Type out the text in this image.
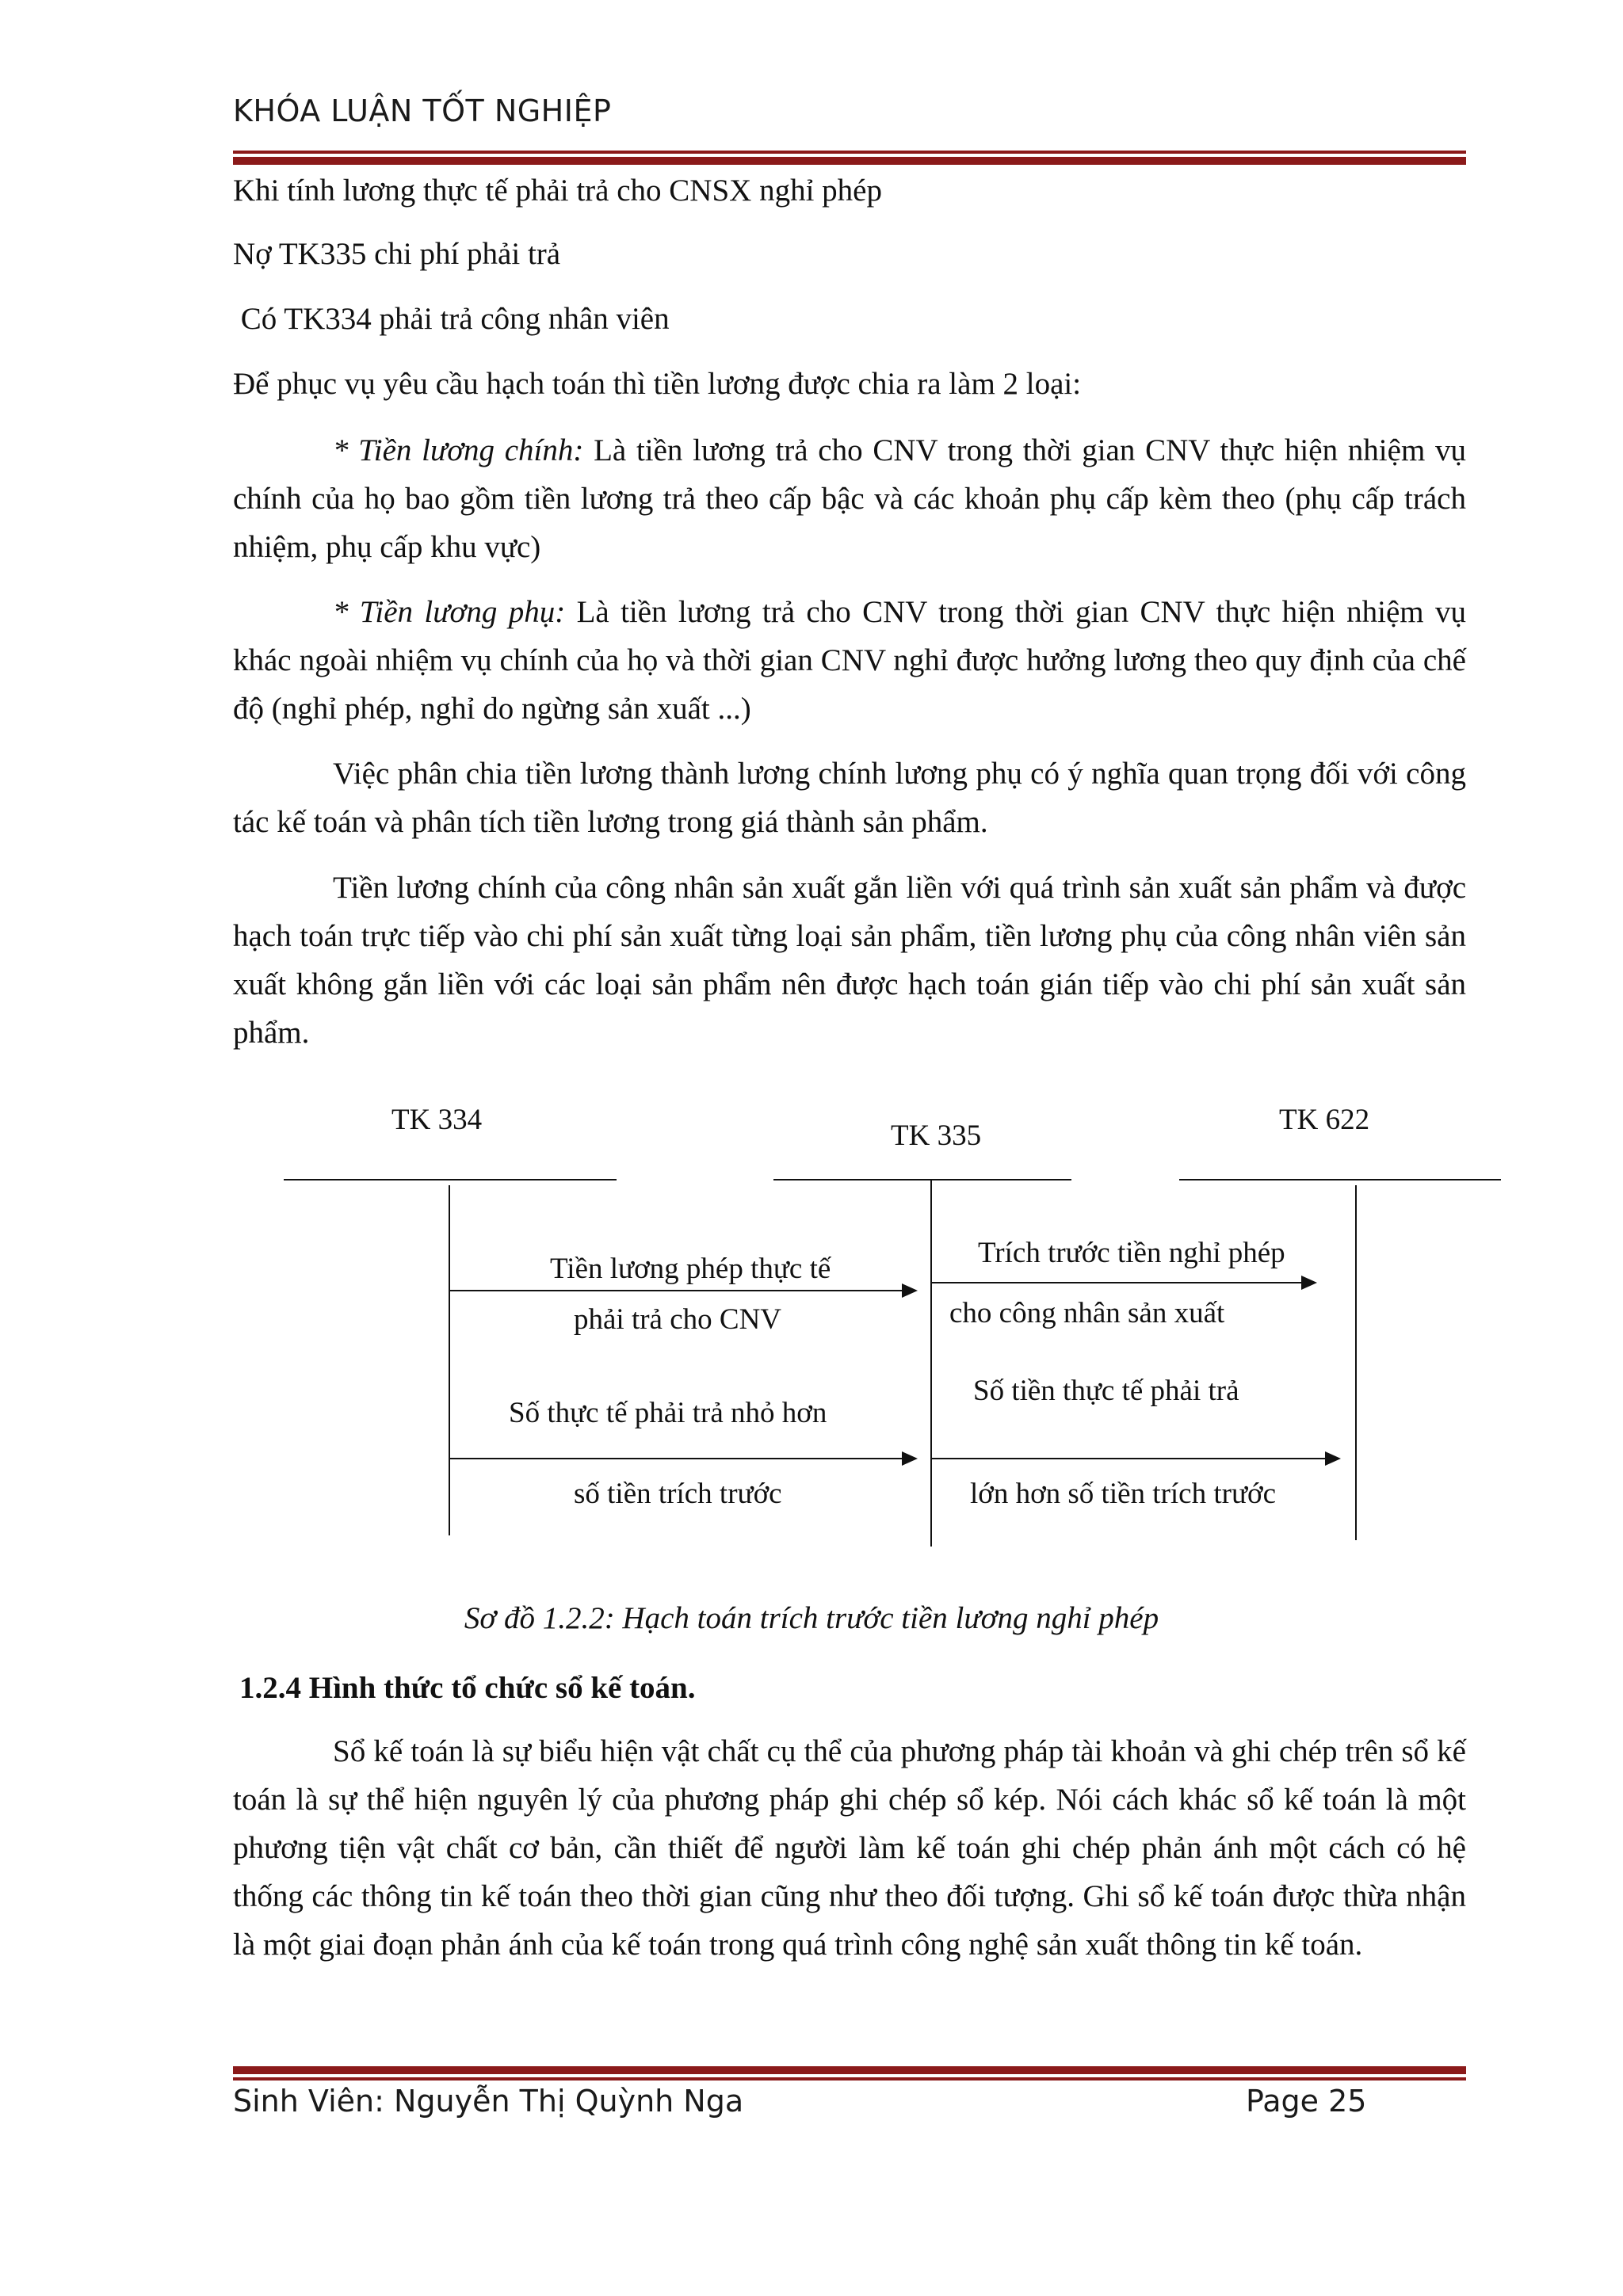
KHÓA LUẬN TỐT NGHIỆP

Khi tính lương thực tế phải trả cho CNSX nghỉ phép

Nợ TK335 chi phí phải trả

Có TK334 phải trả công nhân viên

Để phục vụ yêu cầu hạch toán thì tiền lương được chia ra làm 2 loại:

* Tiền lương chính: Là tiền lương trả cho CNV trong thời gian CNV thực hiện nhiệm vụ chính của họ bao gồm tiền lương trả theo cấp bậc và các khoản phụ cấp kèm theo (phụ cấp trách nhiệm, phụ cấp khu vực)

* Tiền lương phụ: Là tiền lương trả cho CNV trong thời gian CNV thực hiện nhiệm vụ khác ngoài nhiệm vụ chính của họ và thời gian CNV nghỉ được hưởng lương theo quy định của chế độ (nghỉ phép, nghỉ do ngừng sản xuất ...)

Việc phân chia tiền lương thành lương chính lương phụ có ý nghĩa quan trọng đối với công tác kế toán và phân tích tiền lương trong giá thành sản phẩm.

Tiền lương chính của công nhân sản xuất gắn liền với quá trình sản xuất sản phẩm và được hạch toán trực tiếp vào chi phí sản xuất từng loại sản phẩm, tiền lương phụ của công nhân viên sản xuất không gắn liền với các loại sản phẩm nên được hạch toán gián tiếp vào chi phí sản xuất sản phẩm.

TK 334	TK 335	TK 622

Tiền lương phép thực tế

phải trả cho CNV

Trích trước tiền nghỉ phép

cho công nhân sản xuất

Số thực tế phải trả nhỏ hơn

số tiền trích trước

Số tiền thực tế phải trả

lớn hơn số tiền trích trước

Sơ đồ 1.2.2: Hạch toán trích trước tiền lương nghỉ phép

1.2.4 Hình thức tổ chức sổ kế toán.

Sổ kế toán là sự biểu hiện vật chất cụ thể của phương pháp tài khoản và ghi chép trên sổ kế toán là sự thể hiện nguyên lý của phương pháp ghi chép sổ kép. Nói cách khác sổ kế toán là một phương tiện vật chất cơ bản, cần thiết để người làm kế toán ghi chép phản ánh một cách có hệ thống các thông tin kế toán theo thời gian cũng như theo đối tượng. Ghi sổ kế toán được thừa nhận là một giai đoạn phản ánh của kế toán trong quá trình công nghệ sản xuất thông tin kế toán.

Sinh Viên: Nguyễn Thị Quỳnh Nga	Page 25
